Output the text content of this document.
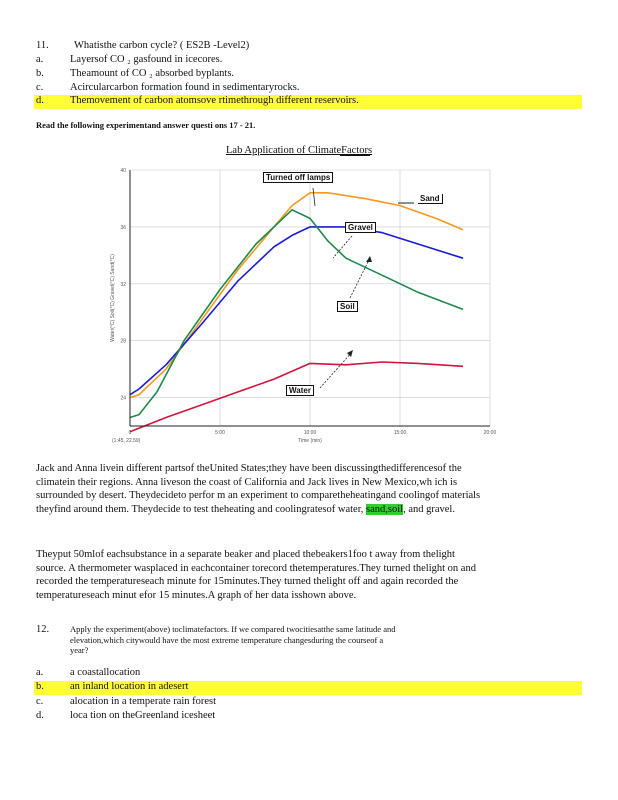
11. Whatisthe carbon cycle? ( ES2B -Level2)
a.	Layersof CO ₂ gasfound in icecores.
b. Theamount of CO ₂ absorbed byplants.
c.	Acircularcarbon formation found in sedimentaryrocks.
d. Themovement of carbon atomsove rtimethrough different reservoirs.
Read the following experimentand answer questi ons 17 - 21.
Lab Application of ClimateFactors
40
36
32
28
24
0	5:00	10:00	15:00	20:00
Water(°C) Soil(°C) Gravel(°C) Sand(°C)
Time (min)
(1:45, 22.59)
Turned off lamps
Sand
Gravel
Soil
Water
Jack and Anna livein different partsof theUnited States;they have been discussingthedifferencesof the
climatein their regions. Anna liveson the coast of California and Jack lives in New Mexico,wh ich is
surrounded by desert. Theydecideto perfor m an experiment to comparetheheatingand coolingof materials
theyfind around them. Theydecide to test theheating and coolingratesof water, sand,soil, and gravel.
Theyput 50mlof eachsubstance in a separate beaker and placed thebeakers1foo t away from thelight
source. A thermometer wasplaced in eachcontainer torecord thetemperatures.They turned thelight on and
recorded the temperatureseach minute for 15minutes.They turned thelight off and again recorded the
temperatureseach minut efor 15 minutes.A graph of her data isshown above.
12. Apply the experiment(above) toclimatefactors. If we compared twocitiesatthe same latitude and
elevation,which citywould have the most extreme temperature changesduring the courseof a
year?
a.	a coastallocation
b. an inland location in adesert
c.	alocation in a temperate rain forest
d. loca tion on theGreenland icesheet
